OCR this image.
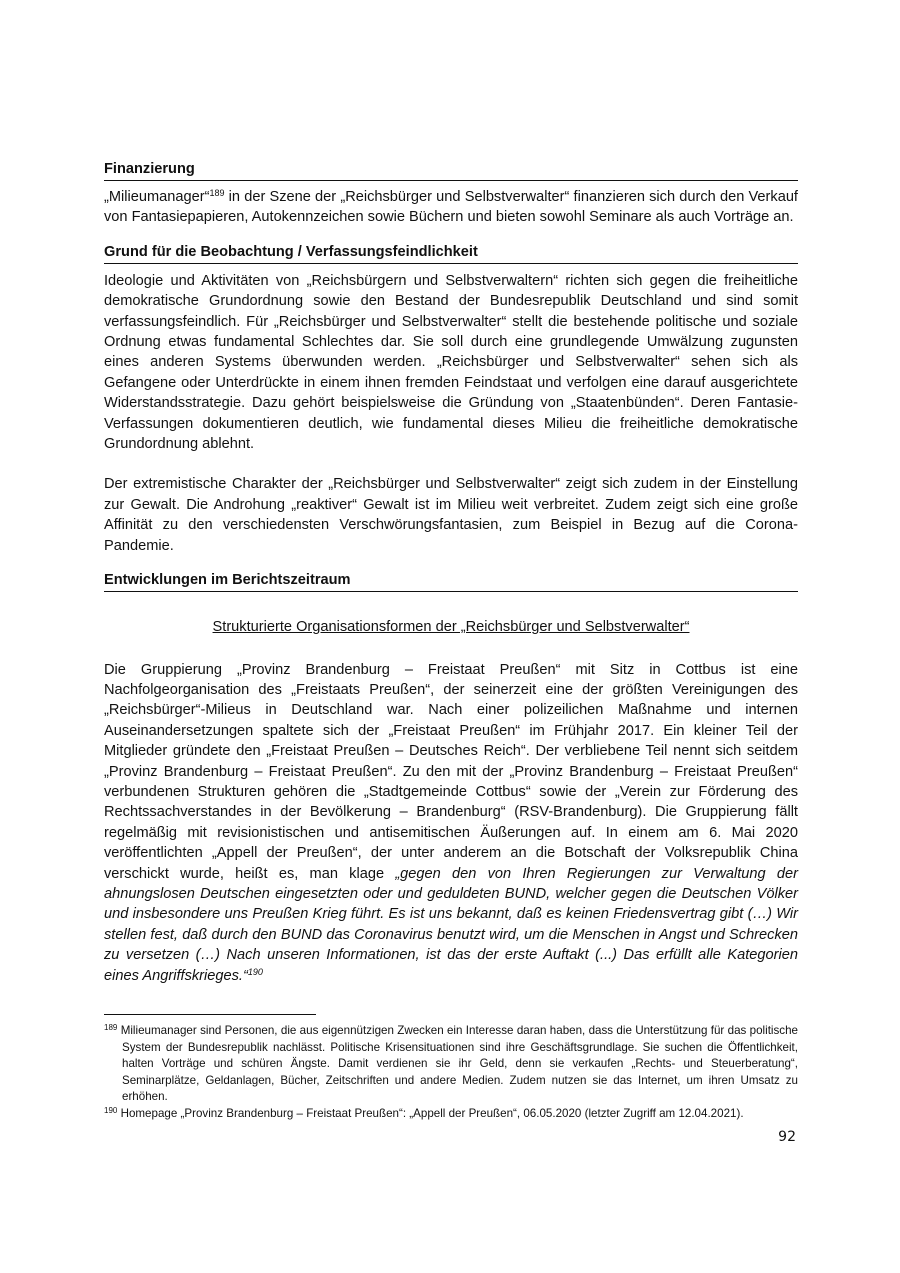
Finanzierung

„Milieumanager“$^{189}$ in der Szene der „Reichsbürger und Selbstverwalter“ finanzieren sich durch den Verkauf von Fantasiepapieren, Autokennzeichen sowie Büchern und bieten sowohl Seminare als auch Vorträge an.

Grund für die Beobachtung / Verfassungsfeindlichkeit

Ideologie und Aktivitäten von „Reichsbürgern und Selbstverwaltern“ richten sich gegen die freiheitliche demokratische Grundordnung sowie den Bestand der Bundesrepublik Deutschland und sind somit verfassungsfeindlich. Für „Reichsbürger und Selbstverwalter“ stellt die bestehende politische und soziale Ordnung etwas fundamental Schlechtes dar. Sie soll durch eine grundlegende Umwälzung zugunsten eines anderen Systems überwunden werden. „Reichsbürger und Selbstverwalter“ sehen sich als Gefangene oder Unterdrückte in einem ihnen fremden Feindstaat und verfolgen eine darauf ausgerichtete Widerstandsstrategie. Dazu gehört beispielsweise die Gründung von „Staatenbünden“. Deren Fantasie-Verfassungen dokumentieren deutlich, wie fundamental dieses Milieu die freiheitliche demokratische Grundordnung ablehnt.

Der extremistische Charakter der „Reichsbürger und Selbstverwalter“ zeigt sich zudem in der Einstellung zur Gewalt. Die Androhung „reaktiver“ Gewalt ist im Milieu weit verbreitet. Zudem zeigt sich eine große Affinität zu den verschiedensten Verschwörungsfantasien, zum Beispiel in Bezug auf die Corona-Pandemie.

Entwicklungen im Berichtszeitraum
Strukturierte Organisationsformen der „Reichsbürger und Selbstverwalter“

Die Gruppierung „Provinz Brandenburg – Freistaat Preußen“ mit Sitz in Cottbus ist eine Nachfolgeorganisation des „Freistaats Preußen“, der seinerzeit eine der größten Vereinigungen des „Reichsbürger“-Milieus in Deutschland war. Nach einer polizeilichen Maßnahme und internen Auseinandersetzungen spaltete sich der „Freistaat Preußen“ im Frühjahr 2017. Ein kleiner Teil der Mitglieder gründete den „Freistaat Preußen – Deutsches Reich“. Der verbliebene Teil nennt sich seitdem „Provinz Brandenburg – Freistaat Preußen“. Zu den mit der „Provinz Brandenburg – Freistaat Preußen“ verbundenen Strukturen gehören die „Stadtgemeinde Cottbus“ sowie der „Verein zur Förderung des Rechtssachverstandes in der Bevölkerung – Brandenburg“ (RSV-Brandenburg). Die Gruppierung fällt regelmäßig mit revisionistischen und antisemitischen Äußerungen auf. In einem am 6. Mai 2020 veröffentlichten „Appell der Preußen“, der unter anderem an die Botschaft der Volksrepublik China verschickt wurde, heißt es, man klage „gegen den von Ihren Regierungen zur Verwaltung der ahnungslosen Deutschen eingesetzten oder und geduldeten BUND, welcher gegen die Deutschen Völker und insbesondere uns Preußen Krieg führt. Es ist uns bekannt, daß es keinen Friedensvertrag gibt (…) Wir stellen fest, daß durch den BUND das Coronavirus benutzt wird, um die Menschen in Angst und Schrecken zu versetzen (…) Nach unseren Informationen, ist das der erste Auftakt (...) Das erfüllt alle Kategorien eines Angriffskrieges.“$^{190}$

$^{189}$ Milieumanager sind Personen, die aus eigennützigen Zwecken ein Interesse daran haben, dass die Unterstützung für das politische System der Bundesrepublik nachlässt. Politische Krisensituationen sind ihre Geschäftsgrundlage. Sie suchen die Öffentlichkeit, halten Vorträge und schüren Ängste. Damit verdienen sie ihr Geld, denn sie verkaufen „Rechts- und Steuerberatung“, Seminarplätze, Geldanlagen, Bücher, Zeitschriften und andere Medien. Zudem nutzen sie das Internet, um ihren Umsatz zu erhöhen.
$^{190}$ Homepage „Provinz Brandenburg – Freistaat Preußen“: „Appell der Preußen“, 06.05.2020 (letzter Zugriff am 12.04.2021).
92
